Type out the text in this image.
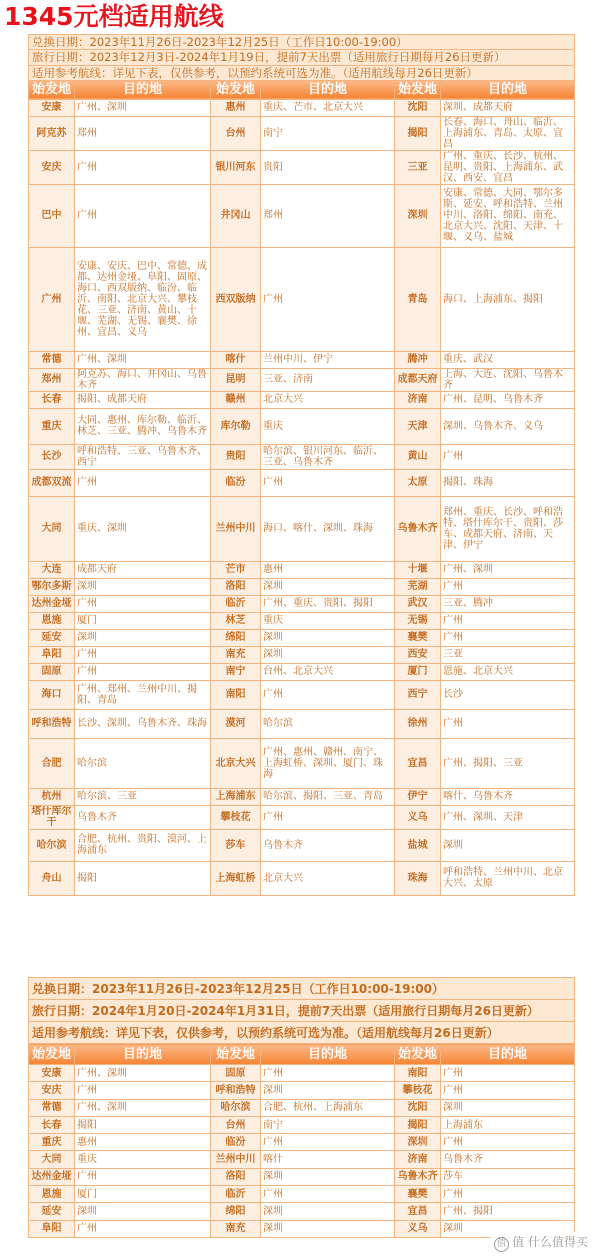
1345元档适用航线
兑换日期：2023年11月26日-2023年12月25日（工作日10:00-19:00）					
旅行日期：2023年12月3日-2024年1月19日，提前7天出票（适用旅行日期每月26日更新）					
适用参考航线：详见下表，仅供参考，以预约系统可选为准。（适用航线每月26日更新）					
始发地	目的地	始发地	目的地	始发地	目的地
安康	广州、深圳	惠州	重庆、芒市、北京大兴	沈阳	深圳、成都天府
阿克苏	郑州	台州	南宁	揭阳	长春、海口、舟山、临沂、上海浦东、青岛、太原、宜昌
安庆	广州	银川河东	贵阳	三亚	广州、重庆、长沙、杭州、昆明、贵阳、上海浦东、武汉、西安、宜昌
巴中	广州	井冈山	郑州	深圳	安康、常德、大同、鄂尔多斯、延安、呼和浩特、兰州中川、洛阳、绵阳、南充、北京大兴、沈阳、天津、十堰、义乌、盐城
广州	安康、安庆、巴中、常德、成都、达州金垭、阜阳、固原、海口、西双版纳、临汾、临沂、南阳、北京大兴、攀枝花、三亚、济南、黄山、十堰、芜湖、无锡、襄樊、徐州、宜昌、义乌	西双版纳	广州	青岛	海口、上海浦东、揭阳
常德	广州、深圳	喀什	兰州中川、伊宁	腾冲	重庆、武汉
郑州	阿克苏、海口、井冈山、乌鲁木齐	昆明	三亚、济南	成都天府	上海、大连、沈阳、乌鲁木齐
长春	揭阳、成都天府	赣州	北京大兴	济南	广州、昆明、乌鲁木齐
重庆	大同、惠州、库尔勒、临沂、林芝、三亚、腾冲、乌鲁木齐	库尔勒	重庆	天津	深圳、乌鲁木齐、义乌
长沙	呼和浩特、三亚、乌鲁木齐、西宁	贵阳	哈尔滨、银川河东、临沂、三亚、乌鲁木齐	黄山	广州
成都双流	广州	临汾	广州	太原	揭阳、珠海
大同	重庆、深圳	兰州中川	海口、喀什、深圳、珠海	乌鲁木齐	郑州、重庆、长沙、呼和浩特、塔什库尔干、贵阳、莎车、成都天府、济南、天津、伊宁
大连	成都天府	芒市	惠州	十堰	广州、深圳
鄂尔多斯	深圳	洛阳	深圳	芜湖	广州
达州金垭	广州	临沂	广州、重庆、贵阳、揭阳	武汉	三亚、腾冲
恩施	厦门	林芝	重庆	无锡	广州
延安	深圳	绵阳	深圳	襄樊	广州
阜阳	广州	南充	深圳	西安	三亚
固原	广州	南宁	台州、北京大兴	厦门	恩施、北京大兴
海口	广州、郑州、兰州中川、揭阳、青岛	南阳	广州	西宁	长沙
呼和浩特	长沙、深圳、乌鲁木齐、珠海	漠河	哈尔滨	徐州	广州
合肥	哈尔滨	北京大兴	广州、惠州、赣州、南宁、上海虹桥、深圳、厦门、珠海	宜昌	广州、揭阳、三亚
杭州	哈尔滨、三亚	上海浦东	哈尔滨、揭阳、三亚、青岛	伊宁	喀什、乌鲁木齐
塔什库尔干	乌鲁木齐	攀枝花	广州	义乌	广州、深圳、天津
哈尔滨	合肥、杭州、贵阳、漠河、上海浦东	莎车	乌鲁木齐	盐城	深圳
舟山	揭阳	上海虹桥	北京大兴	珠海	呼和浩特、兰州中川、北京大兴、太原
兑换日期：2023年11月26日-2023年12月25日（工作日10:00-19:00）					
旅行日期：2024年1月20日-2024年1月31日，提前7天出票（适用旅行日期每月26日更新）					
适用参考航线：详见下表，仅供参考，以预约系统可选为准。（适用航线每月26日更新）					
始发地	目的地	始发地	目的地	始发地	目的地
安康	广州、深圳	固原	广州	南阳	广州
安庆	广州	呼和浩特	深圳	攀枝花	广州
常德	广州、深圳	哈尔滨	合肥、杭州、上海浦东	沈阳	深圳
长春	揭阳	台州	南宁	揭阳	上海浦东
重庆	惠州	临汾	广州	深圳	广州
大同	重庆	兰州中川	喀什	济南	乌鲁木齐
达州金垭	广州	洛阳	深圳	乌鲁木齐	莎车
恩施	厦门	临沂	广州	襄樊	广州
延安	深圳	绵阳	深圳	宜昌	广州、揭阳
阜阳	广州	南充	深圳	义乌	深圳
值 值 什么值得买
